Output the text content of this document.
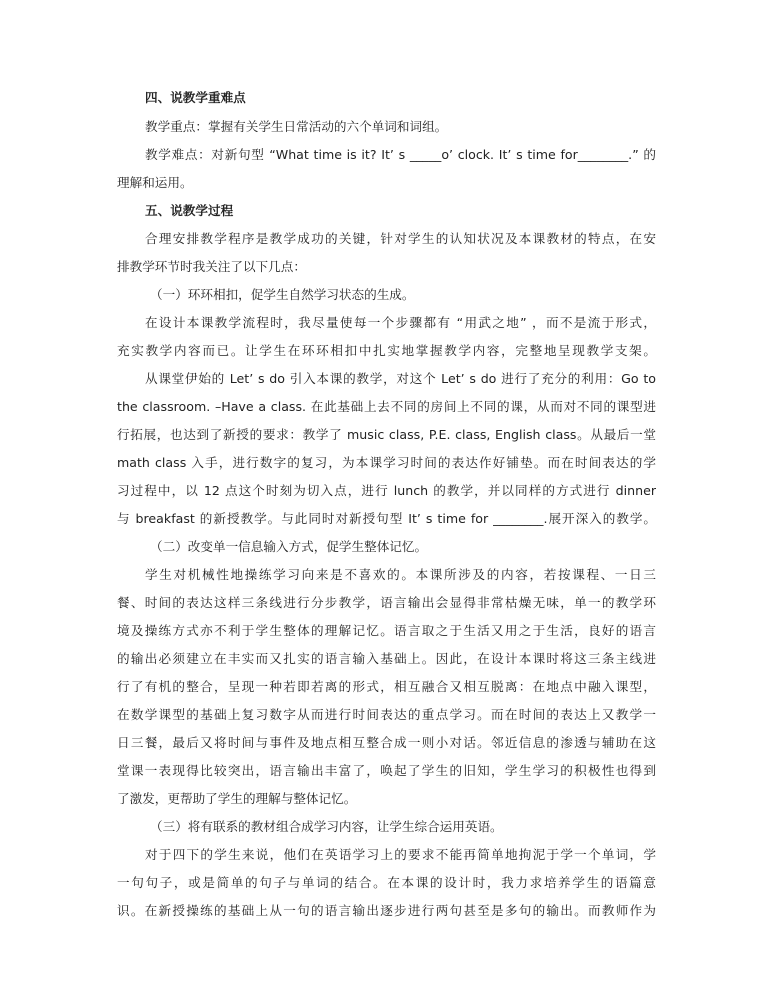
四、说教学重难点
教学重点：掌握有关学生日常活动的六个单词和词组。
教学难点：对新句型 “What time is it? It’ s _____o’ clock. It’ s time for________.” 的
理解和运用。
五、说教学过程
合理安排教学程序是教学成功的关键，针对学生的认知状况及本课教材的特点，在安
排教学环节时我关注了以下几点：
（一）环环相扣，促学生自然学习状态的生成。
在设计本课教学流程时，我尽量使每一个步骤都有 “用武之地” ，而不是流于形式，
充实教学内容而已。让学生在环环相扣中扎实地掌握教学内容，完整地呈现教学支架。
从课堂伊始的 Let’ s do 引入本课的教学，对这个 Let’ s do 进行了充分的利用：Go to
the classroom. –Have a class. 在此基础上去不同的房间上不同的课，从而对不同的课型进
行拓展，也达到了新授的要求：教学了 music class, P.E. class, English class。从最后一堂
math class 入手，进行数字的复习，为本课学习时间的表达作好铺垫。而在时间表达的学
习过程中，以 12 点这个时刻为切入点，进行 lunch 的教学，并以同样的方式进行 dinner
与 breakfast 的新授教学。与此同时对新授句型 It’ s time for ________.展开深入的教学。
（二）改变单一信息输入方式，促学生整体记忆。
学生对机械性地操练学习向来是不喜欢的。本课所涉及的内容，若按课程、一日三
餐、时间的表达这样三条线进行分步教学，语言输出会显得非常枯燥无味，单一的教学环
境及操练方式亦不利于学生整体的理解记忆。语言取之于生活又用之于生活，良好的语言
的输出必须建立在丰实而又扎实的语言输入基础上。因此，在设计本课时将这三条主线进
行了有机的整合，呈现一种若即若离的形式，相互融合又相互脱离：在地点中融入课型，
在数学课型的基础上复习数字从而进行时间表达的重点学习。而在时间的表达上又教学一
日三餐，最后又将时间与事件及地点相互整合成一则小对话。邻近信息的渗透与辅助在这
堂课一表现得比较突出，语言输出丰富了，唤起了学生的旧知，学生学习的积极性也得到
了激发，更帮助了学生的理解与整体记忆。
（三）将有联系的教材组合成学习内容，让学生综合运用英语。
对于四下的学生来说，他们在英语学习上的要求不能再简单地拘泥于学一个单词，学
一句句子，或是简单的句子与单词的结合。在本课的设计时，我力求培养学生的语篇意
识。在新授操练的基础上从一句的语言输出逐步进行两句甚至是多句的输出。而教师作为
